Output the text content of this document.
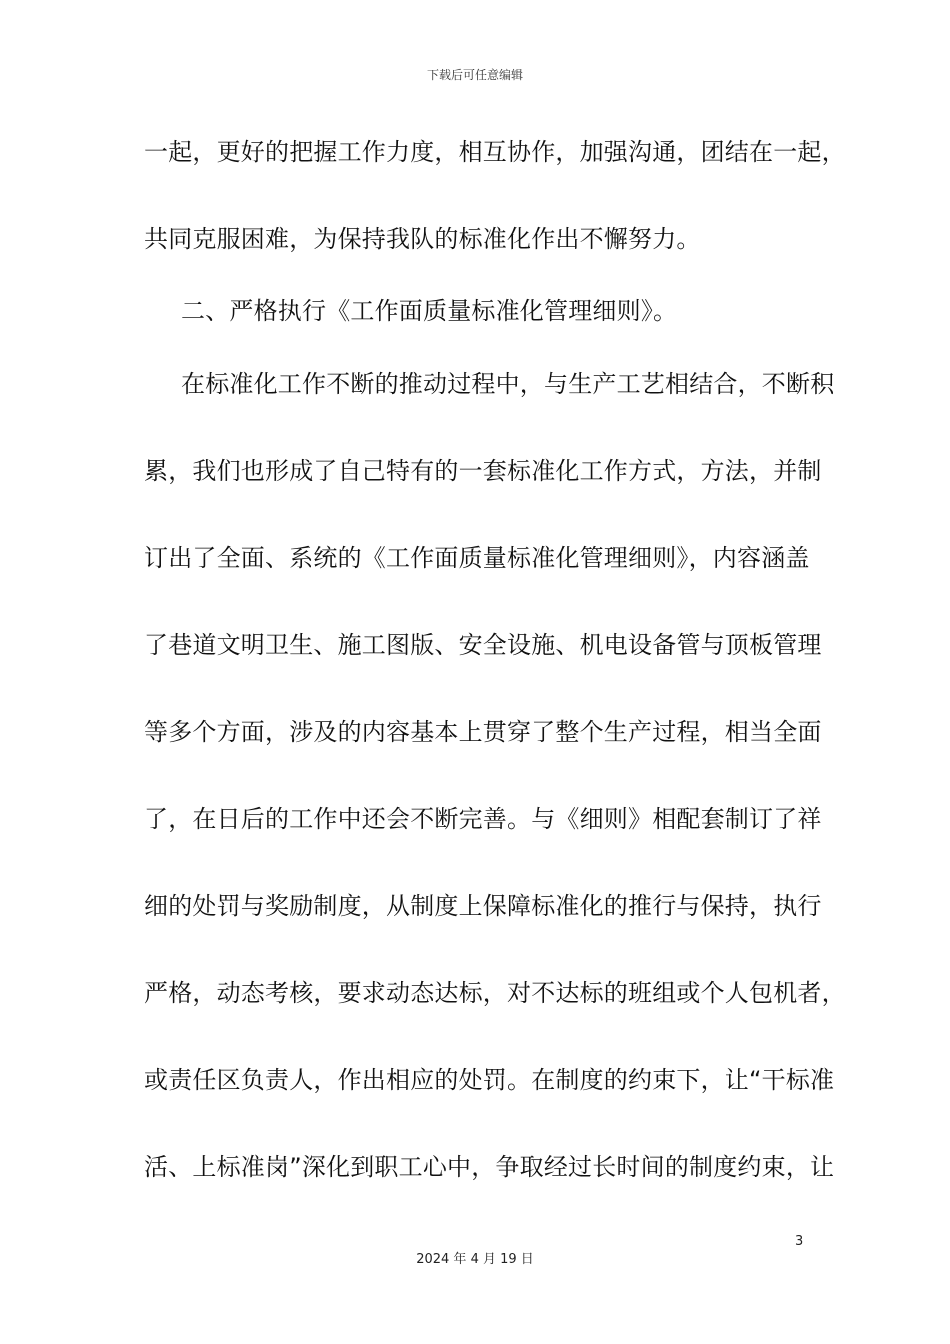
下载后可任意编辑
一起，更好的把握工作力度，相互协作，加强沟通，团结在一起，
共同克服困难，为保持我队的标准化作出不懈努力。
二、严格执行《工作面质量标准化管理细则》。
在标准化工作不断的推动过程中，与生产工艺相结合，不断积
累，我们也形成了自己特有的一套标准化工作方式，方法，并制
订出了全面、系统的《工作面质量标准化管理细则》，内容涵盖
了巷道文明卫生、施工图版、安全设施、机电设备管与顶板管理
等多个方面，涉及的内容基本上贯穿了整个生产过程，相当全面
了，在日后的工作中还会不断完善。与《细则》相配套制订了祥
细的处罚与奖励制度，从制度上保障标准化的推行与保持，执行
严格，动态考核，要求动态达标，对不达标的班组或个人包机者，
或责任区负责人，作出相应的处罚。在制度的约束下，让“干标准
活、上标准岗”深化到职工心中，争取经过长时间的制度约束，让
3
2024 年 4 月 19 日
